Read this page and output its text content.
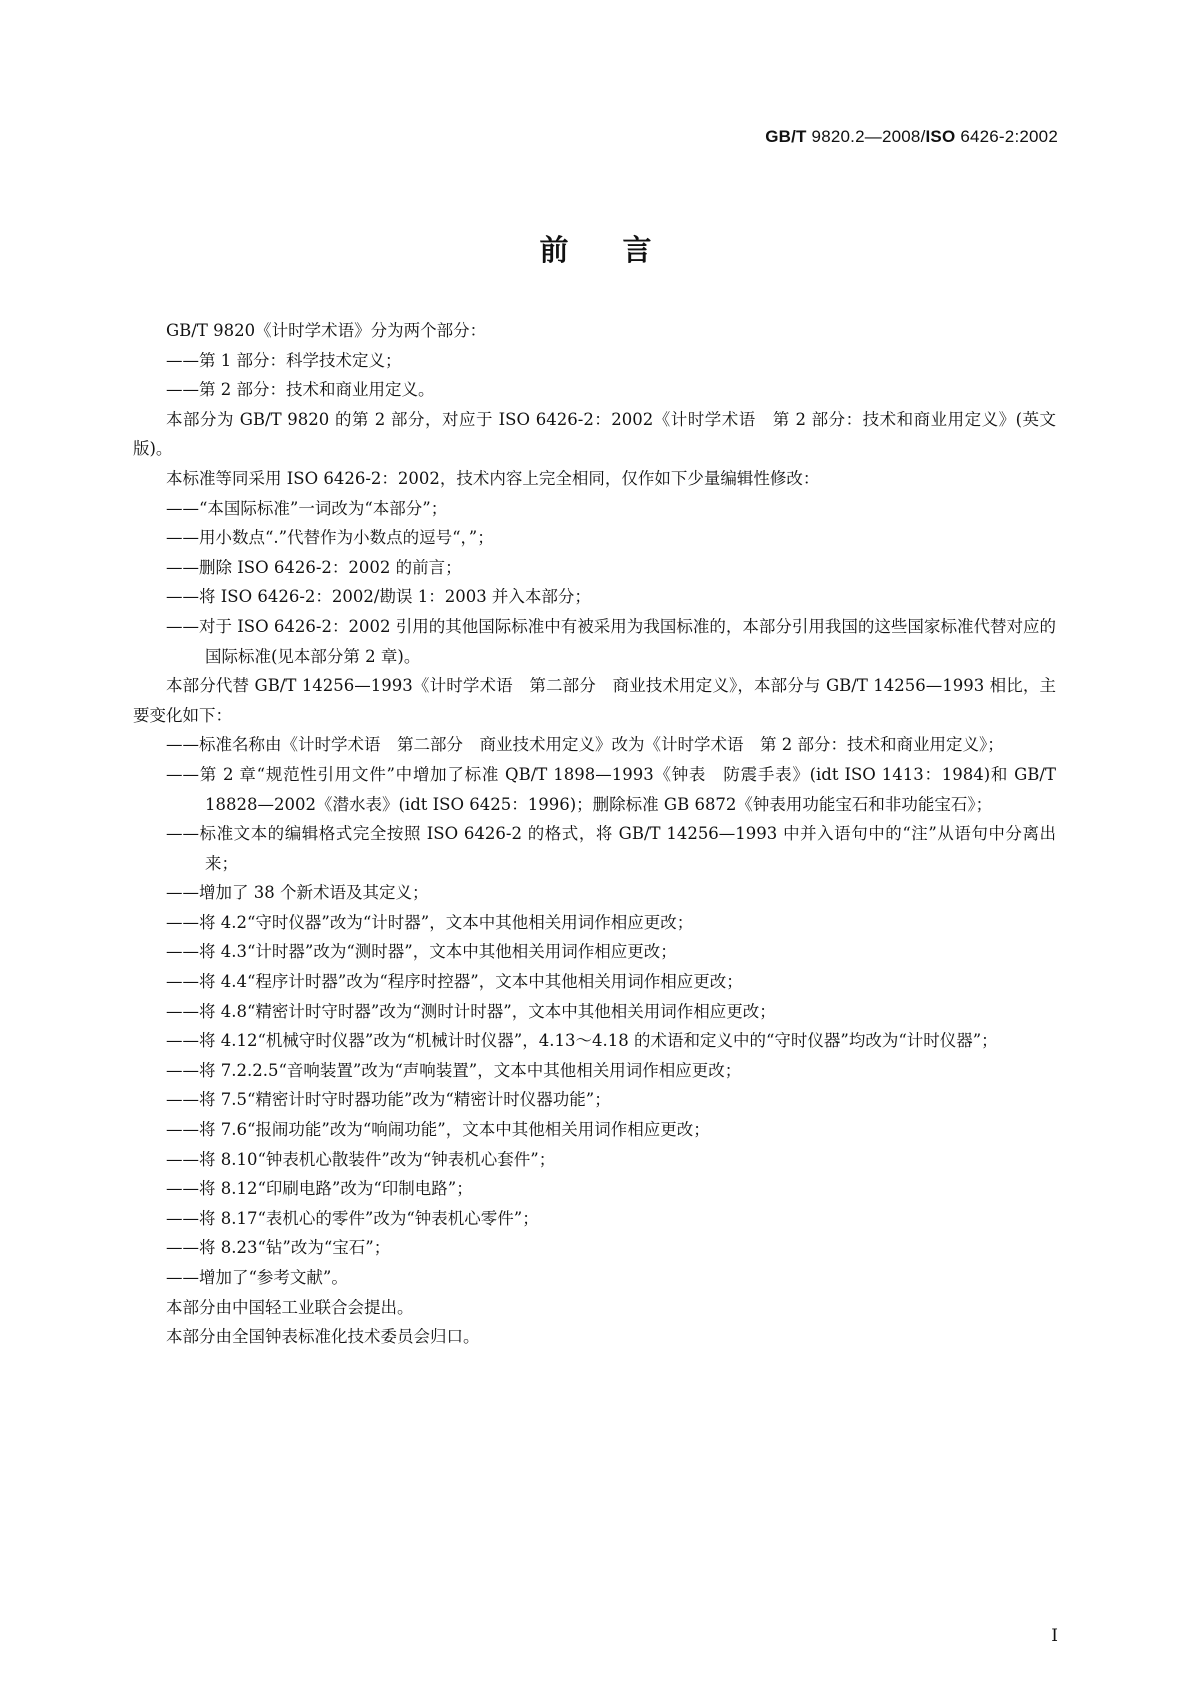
GB/T 9820.2—2008/ISO 6426-2:2002
前 言

GB/T 9820《计时学术语》分为两个部分：

——第 1 部分：科学技术定义；

——第 2 部分：技术和商业用定义。

本部分为 GB/T 9820 的第 2 部分，对应于 ISO 6426-2：2002《计时学术语　第 2 部分：技术和商业用定义》(英文版)。

本标准等同采用 ISO 6426-2：2002，技术内容上完全相同，仅作如下少量编辑性修改：

——“本国际标准”一词改为“本部分”；

——用小数点“.”代替作为小数点的逗号“，”；

——删除 ISO 6426-2：2002 的前言；

——将 ISO 6426-2：2002/勘误 1：2003 并入本部分；

——对于 ISO 6426-2：2002 引用的其他国际标准中有被采用为我国标准的，本部分引用我国的这些国家标准代替对应的国际标准(见本部分第 2 章)。

本部分代替 GB/T 14256—1993《计时学术语　第二部分　商业技术用定义》，本部分与 GB/T 14256—1993 相比，主要变化如下：

——标准名称由《计时学术语　第二部分　商业技术用定义》改为《计时学术语　第 2 部分：技术和商业用定义》；

——第 2 章“规范性引用文件”中增加了标准 QB/T 1898—1993《钟表　防震手表》(idt ISO 1413：1984)和 GB/T 18828—2002《潜水表》(idt ISO 6425：1996)；删除标准 GB 6872《钟表用功能宝石和非功能宝石》；

——标准文本的编辑格式完全按照 ISO 6426-2 的格式，将 GB/T 14256—1993 中并入语句中的“注”从语句中分离出来；

——增加了 38 个新术语及其定义；

——将 4.2“守时仪器”改为“计时器”，文本中其他相关用词作相应更改；

——将 4.3“计时器”改为“测时器”，文本中其他相关用词作相应更改；

——将 4.4“程序计时器”改为“程序时控器”，文本中其他相关用词作相应更改；

——将 4.8“精密计时守时器”改为“测时计时器”，文本中其他相关用词作相应更改；

——将 4.12“机械守时仪器”改为“机械计时仪器”，4.13～4.18 的术语和定义中的“守时仪器”均改为“计时仪器”；

——将 7.2.2.5“音响装置”改为“声响装置”，文本中其他相关用词作相应更改；

——将 7.5“精密计时守时器功能”改为“精密计时仪器功能”；

——将 7.6“报闹功能”改为“响闹功能”，文本中其他相关用词作相应更改；

——将 8.10“钟表机心散装件”改为“钟表机心套件”；

——将 8.12“印刷电路”改为“印制电路”；

——将 8.17“表机心的零件”改为“钟表机心零件”；

——将 8.23“钻”改为“宝石”；

——增加了“参考文献”。

本部分由中国轻工业联合会提出。

本部分由全国钟表标准化技术委员会归口。

I
